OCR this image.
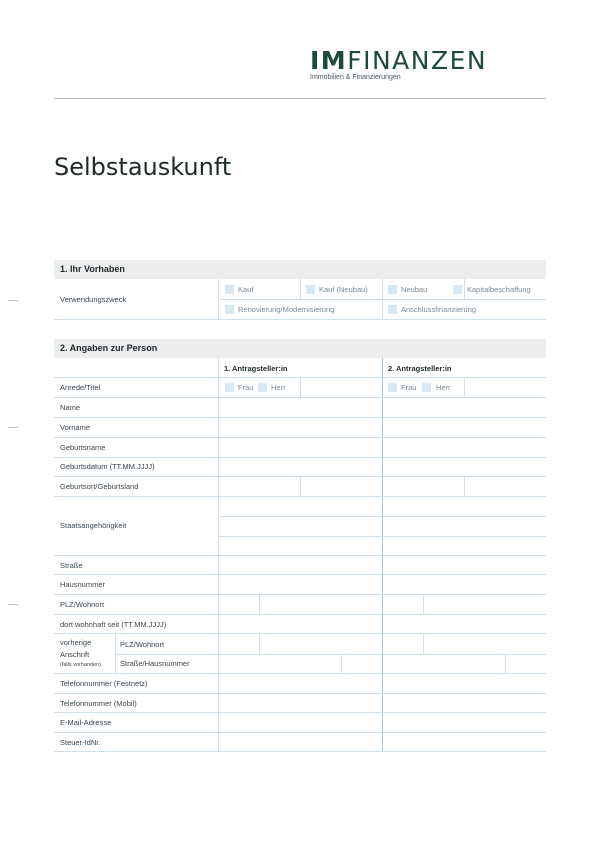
IMFINANZEN
Immobilien & Finanzierungen
Selbstauskunft
1. Ihr Vorhaben
Verwendungszweck
Kauf	Kauf (Neubau)	Neubau	Kapitalbeschaffung
Renovierung/Modernisierung	Anschlussfinanzierung
2. Angaben zur Person
1. Antragsteller:in	2. Antragsteller:in
Anrede/Titel	Frau Herr	Frau	Herr
Name
Vorname
Geburtsname
Geburtsdatum (TT.MM.JJJJ)
Geburtsort/Geburtsland
Staatsangehörigkeit
Straße
Hausnummer
PLZ/Wohnort
dort wohnhaft seit (TT.MM.JJJJ)
vorherige
Anschrift
(falls vorhanden)
PLZ/Wohnort
Straße/Hausnummer
Telefonnummer (Festnetz)
Telefonnummer (Mobil)
E-Mail-Adresse
Steuer-IdNr.
